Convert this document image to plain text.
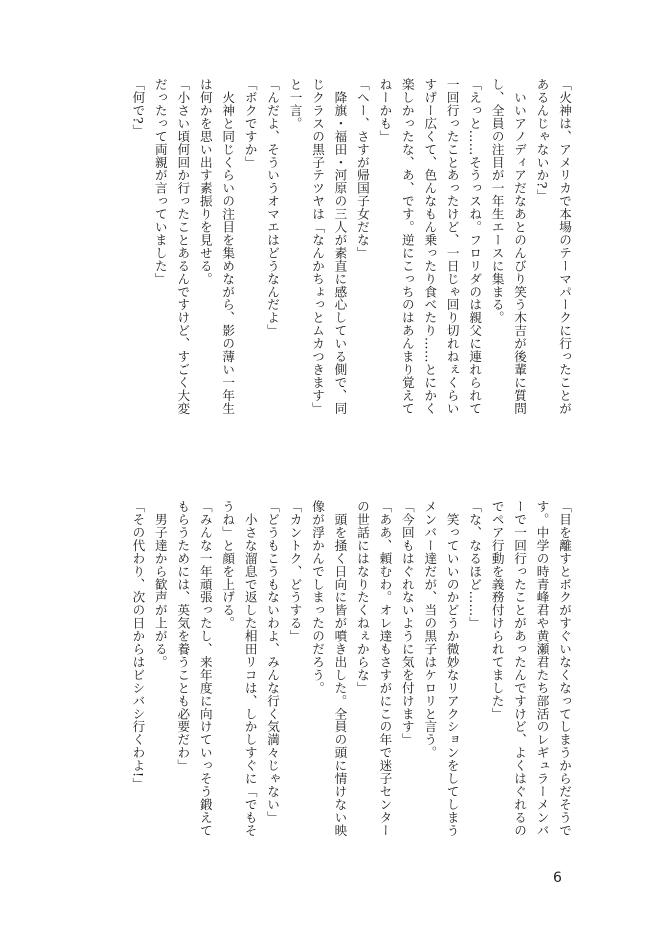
「火神は、アメリカで本場のテーマパークに行ったことが

あるんじゃないか?」

　いいアノディアだなあとのんびり笑う木吉が後輩に質問

し、全員の注目が一年生エースに集まる。

「えっと……そうっスね。フロリダのは親父に連れられて

一回行ったことあったけど、一日じゃ回り切れねぇくらい

すげー広くて、色んなもん乗ったり食べたり……とにかく

楽しかったな、あ、です。逆にこっちのはあんまり覚えて

ねーかも」

「へー、さすが帰国子女だな」

　降旗・福田・河原の三人が素直に感心している側で、同

じクラスの黒子テツヤは「なんかちょっとムカつきます」

と一言。

「んだよ、そういうオマエはどうなんだよ」

「ボクですか」

　火神と同じくらいの注目を集めながら、影の薄い一年生

は何かを思い出す素振りを見せる。

「小さい頃何回か行ったことあるんですけど、すごく大変

だったって両親が言っていました」

「何で?」

「目を離すとボクがすぐいなくなってしまうからだそうで

す。中学の時青峰君や黄瀬君たち部活のレギュラーメンバ

ーで一回行ったことがあったんですけど、よくはぐれるの

でペア行動を義務付けられてました」

「な、なるほど……」

　笑っていいのかどうか微妙なリアクションをしてしまう

メンバー達だが、当の黒子はケロリと言う。

「今回もはぐれないように気を付けます」

「ああ、頼むわ。オレ達もさすがにこの年で迷子センター

の世話にはなりたくねぇからな」

　頭を掻く日向に皆が噴き出した。全員の頭に情けない映

像が浮かんでしまったのだろう。

「カントク、どうする」

「どうもこうもないわよ、みんな行く気満々じゃない」

　小さな溜息で返した相田リコは、しかしすぐに「でもそ

うね」と顔を上げる。

「みんな一年頑張ったし、来年度に向けていっそう鍛えて

もらうためには、英気を養うことも必要だわ」

　男子達から歓声が上がる。

「その代わり、次の日からはビシバシ行くわよ!」

6
